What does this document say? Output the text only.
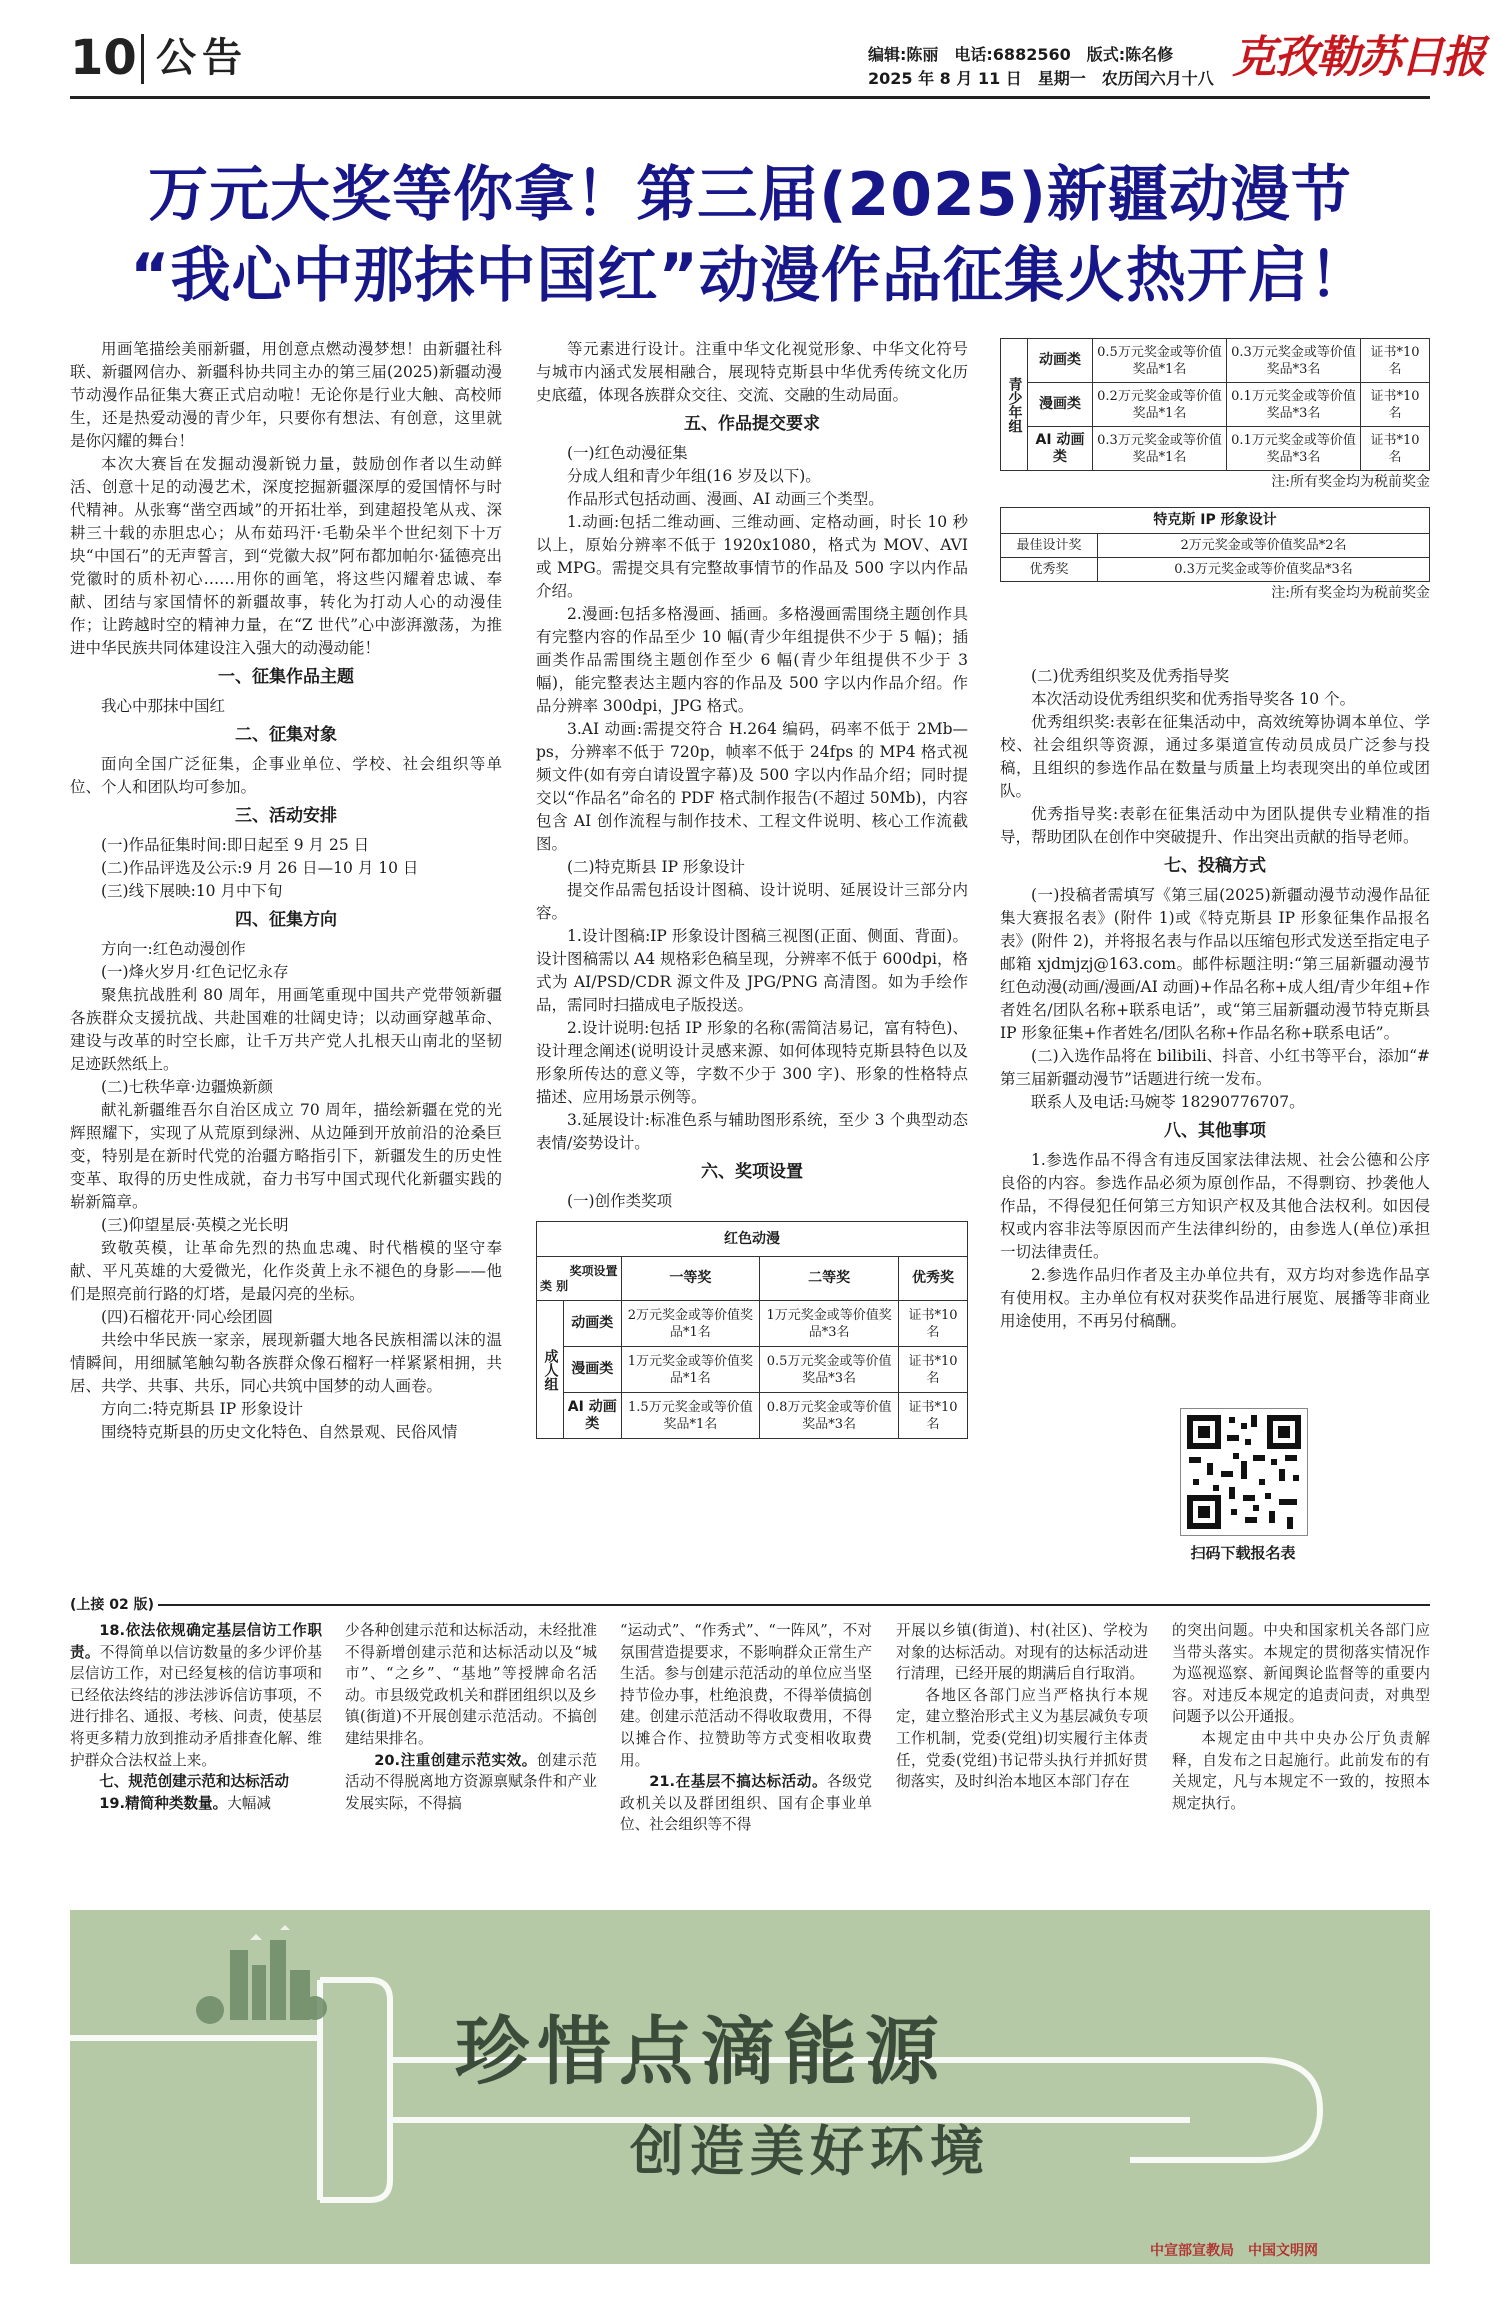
10 公告	编辑:陈丽　电话:6882560　版式:陈名修
2025 年 8 月 11 日　星期一　农历闰六月十八 克孜勒苏日报
万元大奖等你拿！第三届(2025)新疆动漫节
“我心中那抹中国红”动漫作品征集火热开启！

用画笔描绘美丽新疆，用创意点燃动漫梦想！由新疆社科联、新疆网信办、新疆科协共同主办的第三届(2025)新疆动漫节动漫作品征集大赛正式启动啦！无论你是行业大触、高校师生，还是热爱动漫的青少年，只要你有想法、有创意，这里就是你闪耀的舞台！

本次大赛旨在发掘动漫新锐力量，鼓励创作者以生动鲜活、创意十足的动漫艺术，深度挖掘新疆深厚的爱国情怀与时代精神。从张骞“凿空西域”的开拓壮举，到建超投笔从戎、深耕三十载的赤胆忠心；从布茹玛汗·毛勒朵半个世纪刻下十万块“中国石”的无声誓言，到“党徽大叔”阿布都加帕尔·猛德亮出党徽时的质朴初心……用你的画笔，将这些闪耀着忠诚、奉献、团结与家国情怀的新疆故事，转化为打动人心的动漫佳作；让跨越时空的精神力量，在“Z 世代”心中澎湃激荡，为推进中华民族共同体建设注入强大的动漫动能！

一、征集作品主题

我心中那抹中国红

二、征集对象

面向全国广泛征集，企事业单位、学校、社会组织等单位、个人和团队均可参加。

三、活动安排

(一)作品征集时间:即日起至 9 月 25 日

(二)作品评选及公示:9 月 26 日—10 月 10 日

(三)线下展映:10 月中下旬

四、征集方向

方向一:红色动漫创作

(一)烽火岁月·红色记忆永存

聚焦抗战胜利 80 周年，用画笔重现中国共产党带领新疆各族群众支援抗战、共赴国难的壮阔史诗；以动画穿越革命、建设与改革的时空长廊，让千万共产党人扎根天山南北的坚韧足迹跃然纸上。

(二)七秩华章·边疆焕新颜

献礼新疆维吾尔自治区成立 70 周年，描绘新疆在党的光辉照耀下，实现了从荒原到绿洲、从边陲到开放前沿的沧桑巨变，特别是在新时代党的治疆方略指引下，新疆发生的历史性变革、取得的历史性成就，奋力书写中国式现代化新疆实践的崭新篇章。

(三)仰望星辰·英模之光长明

致敬英模，让革命先烈的热血忠魂、时代楷模的坚守奉献、平凡英雄的大爱微光，化作炎黄上永不褪色的身影——他们是照亮前行路的灯塔，是最闪亮的坐标。

(四)石榴花开·同心绘团圆

共绘中华民族一家亲，展现新疆大地各民族相濡以沫的温情瞬间，用细腻笔触勾勒各族群众像石榴籽一样紧紧相拥，共居、共学、共事、共乐，同心共筑中国梦的动人画卷。

方向二:特克斯县 IP 形象设计

围绕特克斯县的历史文化特色、自然景观、民俗风情

等元素进行设计。注重中华文化视觉形象、中华文化符号与城市内涵式发展相融合，展现特克斯县中华优秀传统文化历史底蕴，体现各族群众交往、交流、交融的生动局面。

五、作品提交要求

(一)红色动漫征集

分成人组和青少年组(16 岁及以下)。

作品形式包括动画、漫画、AI 动画三个类型。

1.动画:包括二维动画、三维动画、定格动画，时长 10 秒以上，原始分辨率不低于 1920x1080，格式为 MOV、AVI 或 MPG。需提交具有完整故事情节的作品及 500 字以内作品介绍。

2.漫画:包括多格漫画、插画。多格漫画需围绕主题创作具有完整内容的作品至少 10 幅(青少年组提供不少于 5 幅)；插画类作品需围绕主题创作至少 6 幅(青少年组提供不少于 3 幅)，能完整表达主题内容的作品及 500 字以内作品介绍。作品分辨率 300dpi，JPG 格式。

3.AI 动画:需提交符合 H.264 编码，码率不低于 2Mb—ps，分辨率不低于 720p，帧率不低于 24fps 的 MP4 格式视频文件(如有旁白请设置字幕)及 500 字以内作品介绍；同时提交以“作品名”命名的 PDF 格式制作报告(不超过 50Mb)，内容包含 AI 创作流程与制作技术、工程文件说明、核心工作流截图。

(二)特克斯县 IP 形象设计

提交作品需包括设计图稿、设计说明、延展设计三部分内容。

1.设计图稿:IP 形象设计图稿三视图(正面、侧面、背面)。设计图稿需以 A4 规格彩色稿呈现，分辨率不低于 600dpi，格式为 AI/PSD/CDR 源文件及 JPG/PNG 高清图。如为手绘作品，需同时扫描成电子版投送。

2.设计说明:包括 IP 形象的名称(需简洁易记，富有特色)、设计理念阐述(说明设计灵感来源、如何体现特克斯县特色以及形象所传达的意义等，字数不少于 300 字)、形象的性格特点描述、应用场景示例等。

3.延展设计:标准色系与辅助图形系统，至少 3 个典型动态表情/姿势设计。

六、奖项设置

(一)创作类奖项

红色动漫				

奖项设置
类 别		一等奖	二等奖	优秀奖
成人组	动画类	2万元奖金或等价值奖品*1名	1万元奖金或等价值奖品*3名	证书*10名
	漫画类	1万元奖金或等价值奖品*1名	0.5万元奖金或等价值奖品*3名	证书*10名
	AI 动画类	1.5万元奖金或等价值奖品*1名	0.8万元奖金或等价值奖品*3名	证书*10名
青少年组	动画类	0.5万元奖金或等价值奖品*1名	0.3万元奖金或等价值奖品*3名	证书*10名
	漫画类	0.2万元奖金或等价值奖品*1名	0.1万元奖金或等价值奖品*3名	证书*10名
	AI 动画类	0.3万元奖金或等价值奖品*1名	0.1万元奖金或等价值奖品*3名	证书*10名
注:所有奖金均为税前奖金
特克斯 IP 形象设计	
最佳设计奖	2万元奖金或等价值奖品*2名
优秀奖	0.3万元奖金或等价值奖品*3名
注:所有奖金均为税前奖金

(二)优秀组织奖及优秀指导奖

本次活动设优秀组织奖和优秀指导奖各 10 个。

优秀组织奖:表彰在征集活动中，高效统筹协调本单位、学校、社会组织等资源，通过多渠道宣传动员成员广泛参与投稿，且组织的参选作品在数量与质量上均表现突出的单位或团队。

优秀指导奖:表彰在征集活动中为团队提供专业精准的指导，帮助团队在创作中突破提升、作出突出贡献的指导老师。

七、投稿方式

(一)投稿者需填写《第三届(2025)新疆动漫节动漫作品征集大赛报名表》(附件 1)或《特克斯县 IP 形象征集作品报名表》(附件 2)，并将报名表与作品以压缩包形式发送至指定电子邮箱 xjdmjzj@163.com。邮件标题注明:“第三届新疆动漫节红色动漫(动画/漫画/AI 动画)+作品名称+成人组/青少年组+作者姓名/团队名称+联系电话”，或“第三届新疆动漫节特克斯县 IP 形象征集+作者姓名/团队名称+作品名称+联系电话”。

(二)入选作品将在 bilibili、抖音、小红书等平台，添加“#第三届新疆动漫节”话题进行统一发布。

联系人及电话:马婉苓 18290776707。

八、其他事项

1.参选作品不得含有违反国家法律法规、社会公德和公序良俗的内容。参选作品必须为原创作品，不得剽窃、抄袭他人作品，不得侵犯任何第三方知识产权及其他合法权利。如因侵权或内容非法等原因而产生法律纠纷的，由参选人(单位)承担一切法律责任。

2.参选作品归作者及主办单位共有，双方均对参选作品享有使用权。主办单位有权对获奖作品进行展览、展播等非商业用途使用，不再另付稿酬。

扫码下载报名表
(上接 02 版)

18.依法依规确定基层信访工作职责。不得简单以信访数量的多少评价基层信访工作，对已经复核的信访事项和已经依法终结的涉法涉诉信访事项，不进行排名、通报、考核、问责，使基层将更多精力放到推动矛盾排查化解、维护群众合法权益上来。

七、规范创建示范和达标活动

19.精简种类数量。大幅减

少各种创建示范和达标活动，未经批准不得新增创建示范和达标活动以及“城市”、“之乡”、“基地”等授牌命名活动。市县级党政机关和群团组织以及乡镇(街道)不开展创建示范活动。不搞创建结果排名。

20.注重创建示范实效。创建示范活动不得脱离地方资源禀赋条件和产业发展实际，不得搞

“运动式”、“作秀式”、“一阵风”，不对氛围营造提要求，不影响群众正常生产生活。参与创建示范活动的单位应当坚持节俭办事，杜绝浪费，不得举债搞创建。创建示范活动不得收取费用，不得以摊合作、拉赞助等方式变相收取费用。

21.在基层不搞达标活动。各级党政机关以及群团组织、国有企事业单位、社会组织等不得

开展以乡镇(街道)、村(社区)、学校为对象的达标活动。对现有的达标活动进行清理，已经开展的期满后自行取消。

各地区各部门应当严格执行本规定，建立整治形式主义为基层减负专项工作机制，党委(党组)切实履行主体责任，党委(党组)书记带头执行并抓好贯彻落实，及时纠治本地区本部门存在

的突出问题。中央和国家机关各部门应当带头落实。本规定的贯彻落实情况作为巡视巡察、新闻舆论监督等的重要内容。对违反本规定的追责问责，对典型问题予以公开通报。

本规定由中共中央办公厅负责解释，自发布之日起施行。此前发布的有关规定，凡与本规定不一致的，按照本规定执行。

珍惜点滴能源
创造美好环境
中宣部宣教局　中国文明网
